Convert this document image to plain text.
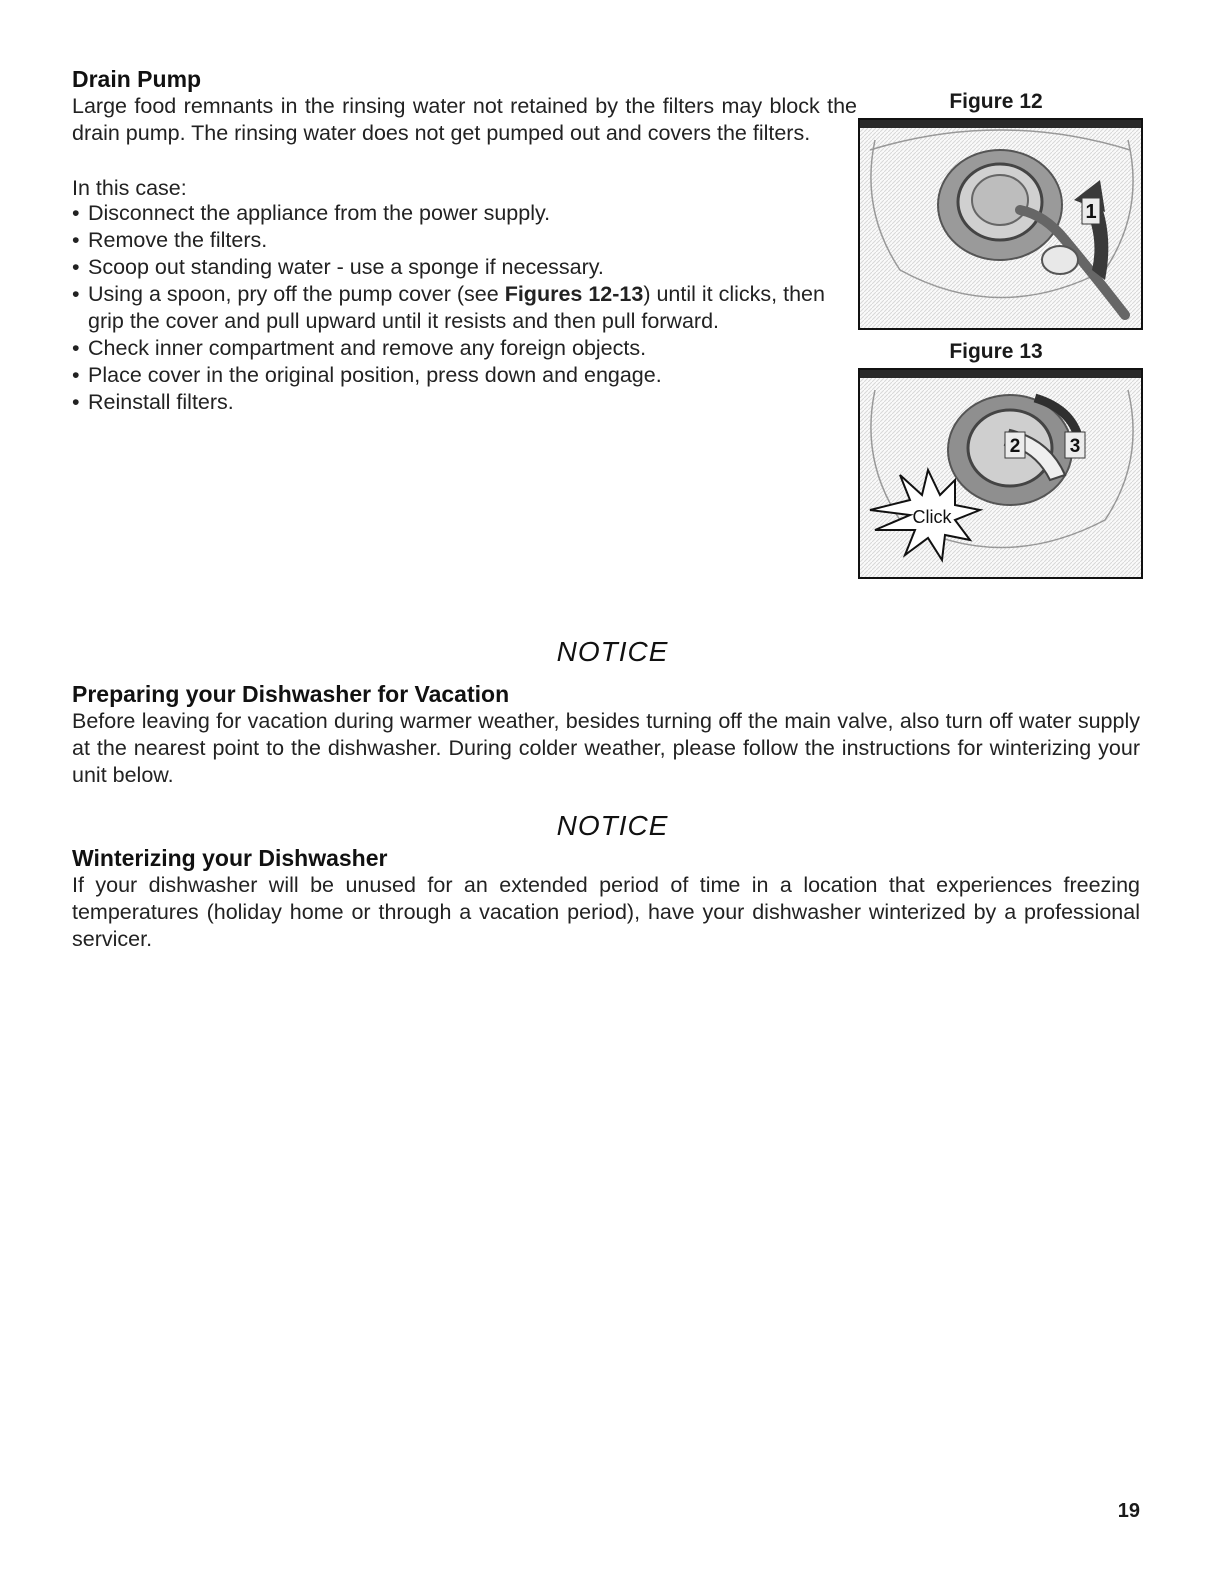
Drain Pump

Large food remnants in the rinsing water not retained by the filters may block the drain pump. The rinsing water does not get pumped out and covers the filters.

In this case:

• Disconnect the appliance from the power supply.
• Remove the filters.
• Scoop out standing water - use a sponge if necessary.
• Using a spoon, pry off the pump cover (see Figures 12-13) until it clicks, then grip the cover and pull upward until it resists and then pull forward.
• Check inner compartment and remove any foreign objects.
• Place cover in the original position, press down and engage.
• Reinstall filters.
Figure 12
1
Figure 13
2	3
Click
NOTICE
Preparing your Dishwasher for Vacation

Before leaving for vacation during warmer weather, besides turning off the main valve, also turn off water supply at the nearest point to the dishwasher. During colder weather, please follow the instructions for winterizing your unit below.

NOTICE
Winterizing your Dishwasher

If your dishwasher will be unused for an extended period of time in a location that experiences freezing temperatures (holiday home or through a vacation period), have your dishwasher winterized by a professional servicer.

19
